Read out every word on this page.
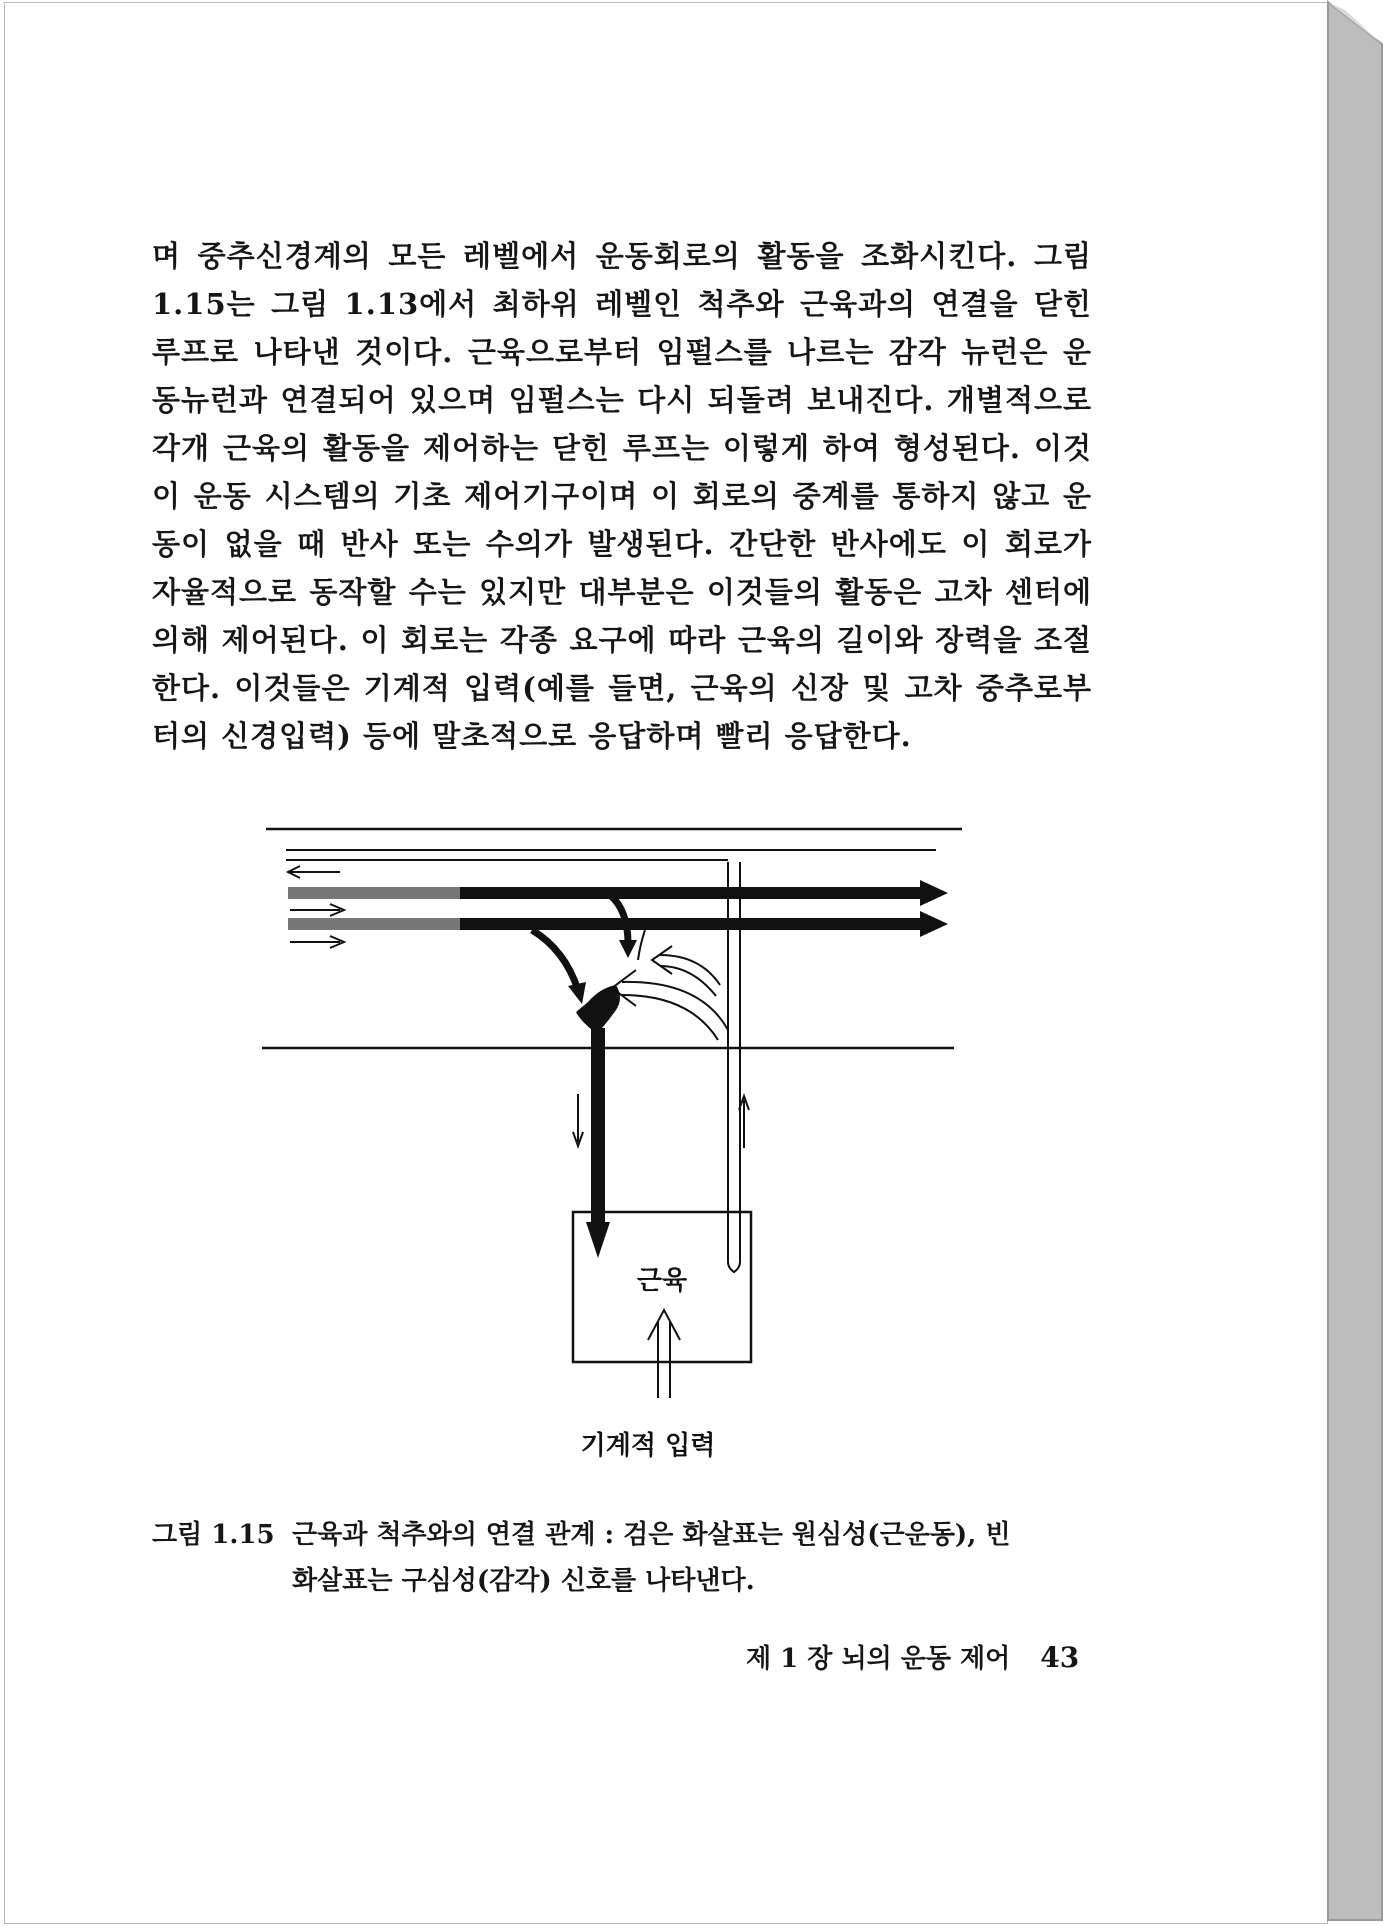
며 중추신경계의 모든 레벨에서 운동회로의 활동을 조화시킨다. 그림 1.15는 그림 1.13에서 최하위 레벨인 척추와 근육과의 연결을 닫힌 루프로 나타낸 것이다. 근육으로부터 임펄스를 나르는 감각 뉴런은 운동뉴런과 연결되어 있으며 임펄스는 다시 되돌려 보내진다. 개별적으로 각개 근육의 활동을 제어하는 닫힌 루프는 이렇게 하여 형성된다. 이것이 운동 시스템의 기초 제어기구이며 이 회로의 중계를 통하지 않고 운동이 없을 때 반사 또는 수의가 발생된다. 간단한 반사에도 이 회로가 자율적으로 동작할 수는 있지만 대부분은 이것들의 활동은 고차 센터에 의해 제어된다. 이 회로는 각종 요구에 따라 근육의 길이와 장력을 조절한다. 이것들은 기계적 입력(예를 들면, 근육의 신장 및 고차 중추로부터의 신경입력) 등에 말초적으로 응답하며 빨리 응답한다.

근육
기계적 입력
그림 1.15 근육과 척추와의 연결 관계 : 검은 화살표는 원심성(근운동), 빈
화살표는 구심성(감각) 신호를 나타낸다.
제 1 장 뇌의 운동 제어 43
